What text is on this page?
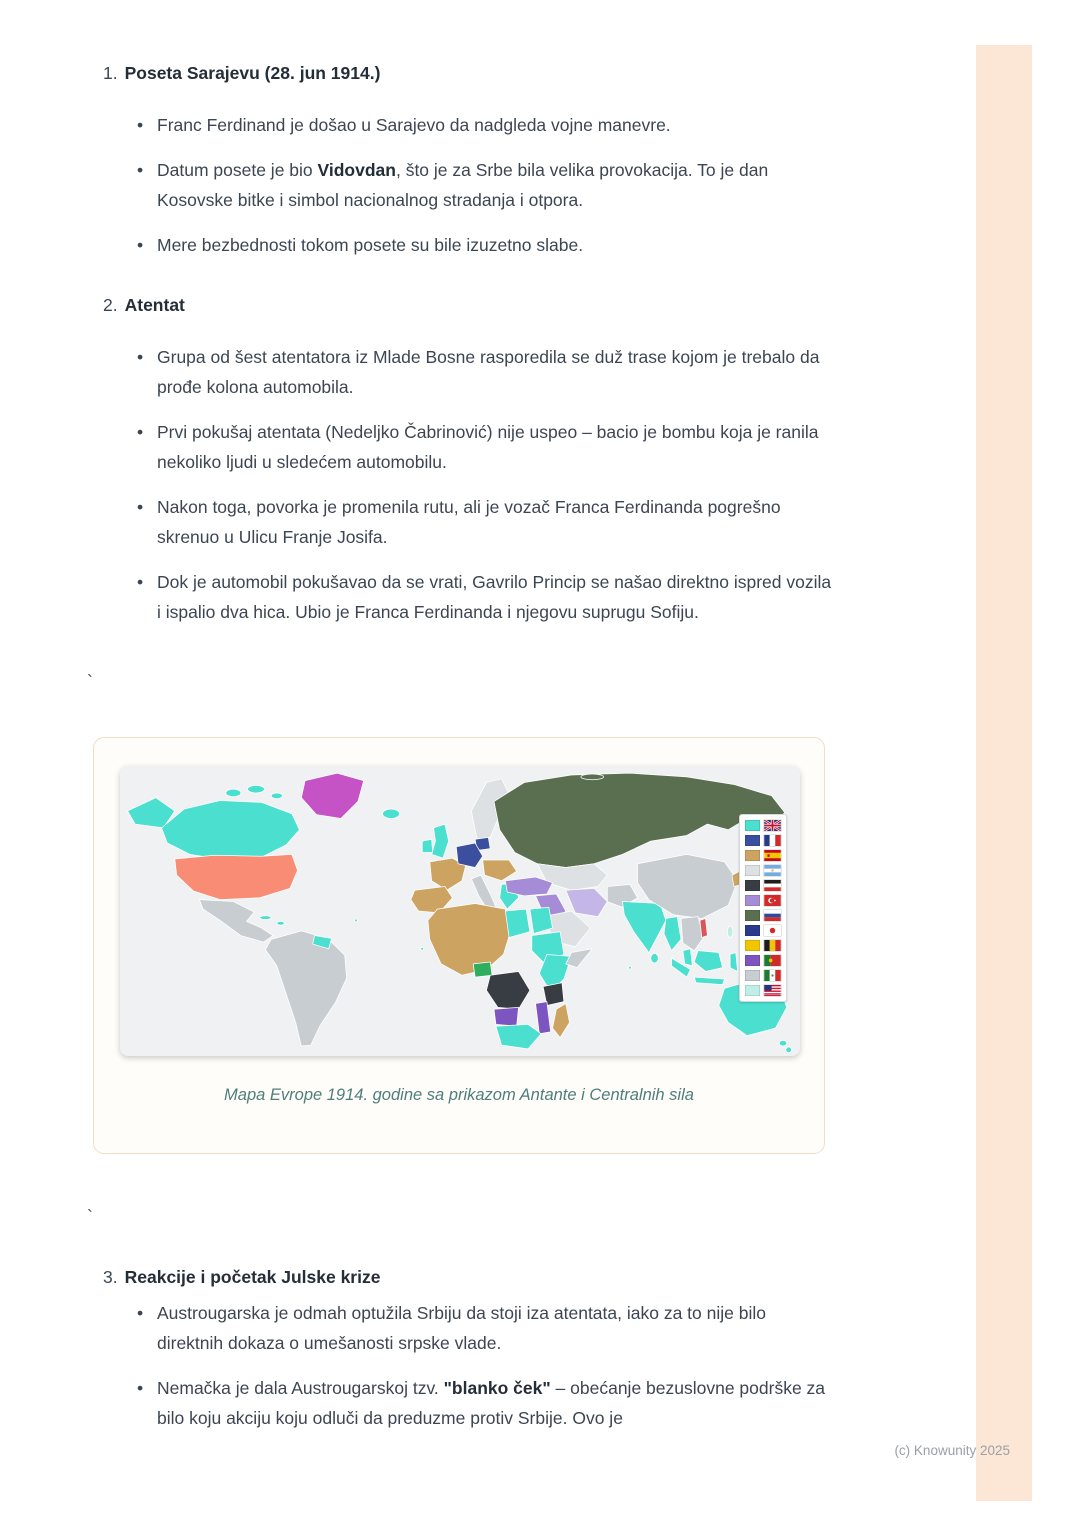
1. Poseta Sarajevu (28. jun 1914.)
• Franc Ferdinand je došao u Sarajevo da nadgleda vojne manevre.
• Datum posete je bio Vidovdan, što je za Srbe bila velika provokacija. To je dan Kosovske bitke i simbol nacionalnog stradanja i otpora.
• Mere bezbednosti tokom posete su bile izuzetno slabe.
2. Atentat
• Grupa od šest atentatora iz Mlade Bosne rasporedila se duž trase kojom je trebalo da prođe kolona automobila.
• Prvi pokušaj atentata (Nedeljko Čabrinović) nije uspeo – bacio je bombu koja je ranila nekoliko ljudi u sledećem automobilu.
• Nakon toga, povorka je promenila rutu, ali je vozač Franca Ferdinanda pogrešno skrenuo u Ulicu Franje Josifa.
• Dok je automobil pokušavao da se vrati, Gavrilo Princip se našao direktno ispred vozila i ispalio dva hica. Ubio je Franca Ferdinanda i njegovu suprugu Sofiju.
`
Mapa Evrope 1914. godine sa prikazom Antante i Centralnih sila
`
3. Reakcije i početak Julske krize
• Austrougarska je odmah optužila Srbiju da stoji iza atentata, iako za to nije bilo direktnih dokaza o umešanosti srpske vlade.
• Nemačka je dala Austrougarskoj tzv. "blanko ček" – obećanje bezuslovne podrške za bilo koju akciju koju odluči da preduzme protiv Srbije. Ovo je
(c) Knowunity 2025
